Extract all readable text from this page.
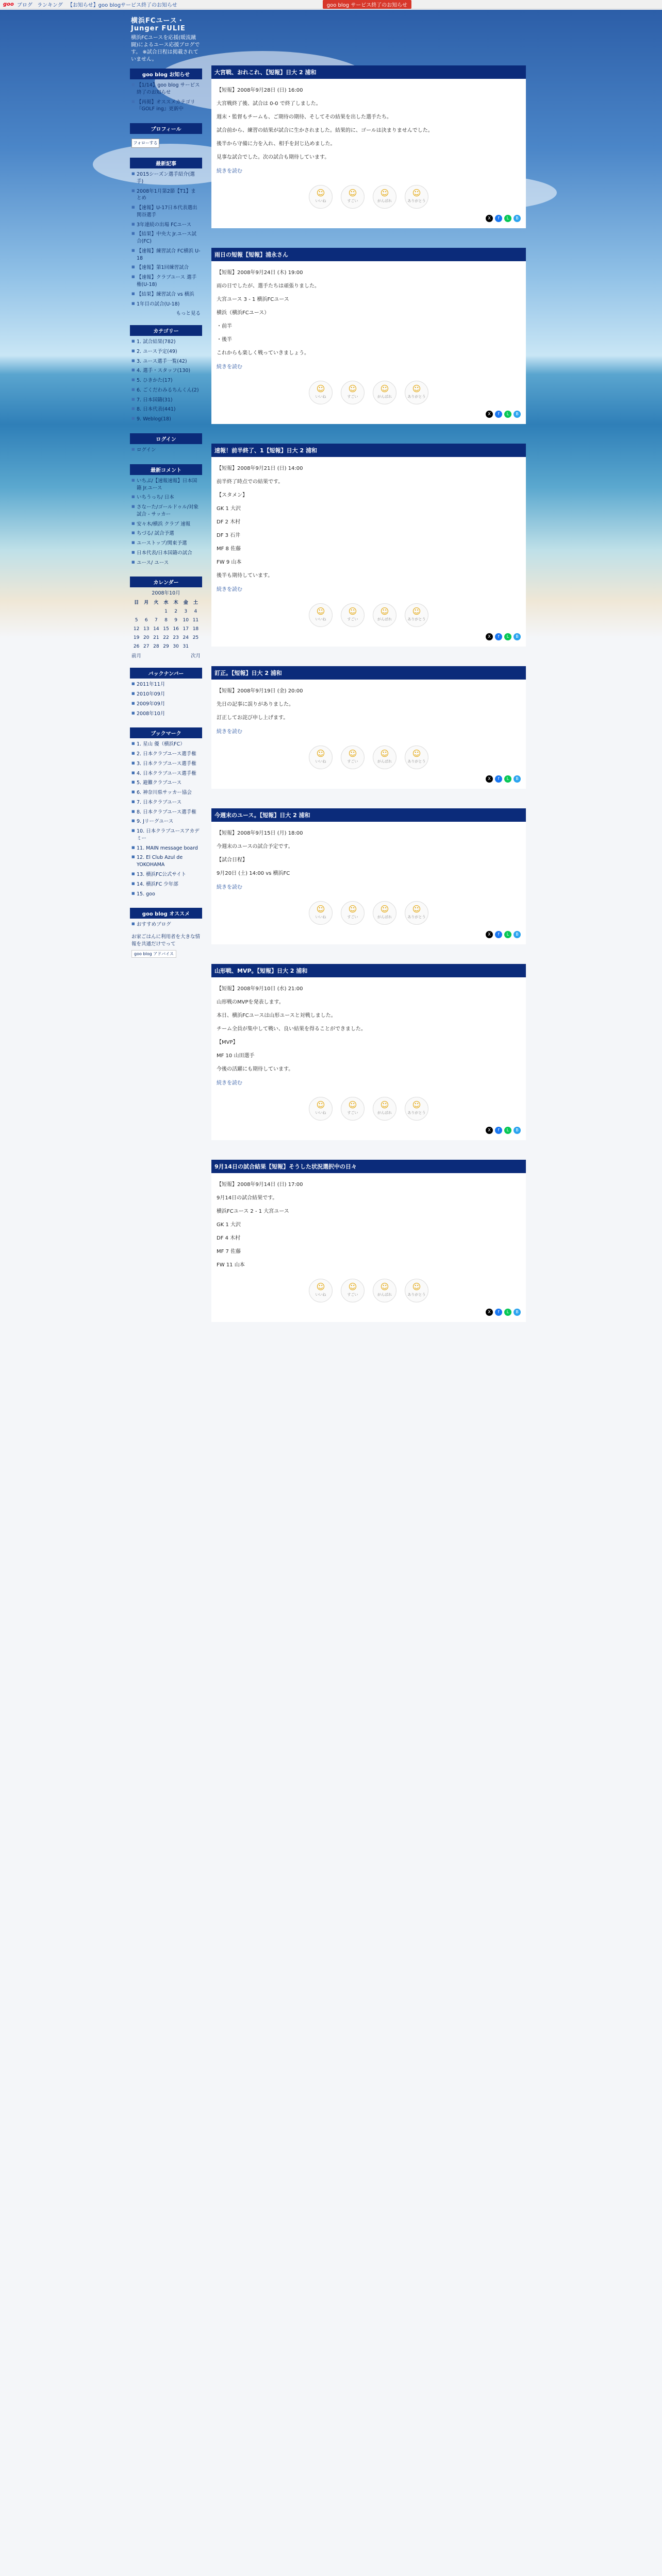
goo ブログ ランキング 【お知らせ】goo blogサービス終了のお知らせ	goo blog サービス終了のお知らせ
横浜FCユース・Junger FULIE
横浜FCユースを応援(暖流蹴闘)によるユース応援ブログです。 ※試合日程は掲載されていません。
goo blog お知らせ
■ 【1/14】goo blog サービス終了のお知らせ
■ 【再掲】オススメカテゴリ『GOLF ing』更新中
プロフィール
フォローする
最新記事
■ 2015シーズン選手紹介(選手)
■ 2008年1月第2節【T1】まとめ
■ 【速報】U-17日本代表選出 関谷選手
■ 3年連続の出場 FCユース
■ 【結果】中央大 Jr.ユース試合(FC)
■ 【速報】練習試合 FC横浜 U-18
■ 【速報】第1回練習試合
■ 【速報】クラブユース 選手権(U-18)
■ 【結果】練習試合 vs 横浜
■ 1年目の試合(U-18)
もっと見る
カテゴリー
■ 1. 試合結果(782)
■ 2. ユース予定(49)
■ 3. ユース選手一覧(42)
■ 4. 選手・スタッフ(130)
■ 5. ひきかた(17)
■ 6. ごくだわみるちんくん(2)
■ 7. 日本国籍(31)
■ 8. 日本代表(441)
■ 9. Weblog(18)
ログイン
■ ログイン
最新コメント
■ いちぶ/【速報速報】日本国籍 Jr.ユース
■ いちうっち/ 日本
■ さなーた/ゴールドゥル/対象試合 - サッカー
■ 安々木/横浜 クラブ 速報
■ ちづる/ 試合予選
■ ユーストップ/関東予選
■ 日本代表/日本国籍の試合
■ ユース/ ユース
カレンダー
2008年10月
日	月	火	水	木	金	土
			1	2	3	4
5	6	7	8	9	10	11
12	13	14	15	16	17	18
19	20	21	22	23	24	25
26	27	28	29	30	31	
前月	次月
バックナンバー
■ 2011年11月
■ 2010年09月
■ 2009年09月
■ 2008年10月
ブックマーク
■ 1. 星山 優（横浜FC）
■ 2. 日本クラブユース選手権
■ 3. 日本クラブユース選手権
■ 4. 日本クラブユース選手権
■ 5. 避難クラブユース
■ 6. 神奈川県サッカー協会
■ 7. 日本クラブユース
■ 8. 日本クラブユース選手権
■ 9. Jリーグユース
■ 10. 日本クラブユースアカデミー
■ 11. MAIN message board
■ 12. El Club Azul de YOKOHAMA
■ 13. 横浜FC公式サイト
■ 14. 横浜FC 少年部
■ 15. goo
goo blog オススメ
■ おすすめブログ
お家ごはんに利用者を大きな情報を共通だけでって
goo blog アドバイス
大宮戦、おれこれ、【短報】日大 2 浦和

【短報】2008年9月28日 (日) 16:00

大宮戦終了後、試合は 0-0 で終了しました。

週末・監督もチームも、ご期待の期待、そしてその結果を出した選手たち。

試合前から、練習の結果が試合に生かされました。結果的に、ゴールは決まりませんでした。

後半から守備に力を入れ、相手を封じ込めました。

見事な試合でした。次の試合も期待しています。

続きを読む
☺
いいね
☺
すごい
☺
がんばれ
☺
ありがとう
X	f	L	B
雨日の短報【短報】浦永さん

【短報】2008年9月24日 (木) 19:00

雨の日でしたが、選手たちは頑張りました。

大宮ユース 3 - 1 横浜FCユース

横浜（横浜FCユース）

・前半

・後半

これからも楽しく戦っていきましょう。

続きを読む
☺
いいね
☺
すごい
☺
がんばれ
☺
ありがとう
X	f	L	B
速報！前半終了、1【短報】日大 2 浦和

【短報】2008年9月21日 (日) 14:00

前半終了時点での結果です。

【スタメン】

GK 1 大沢

DF 2 木村

DF 3 石井

MF 8 佐藤

FW 9 山本

後半も期待しています。

続きを読む
☺
いいね
☺
すごい
☺
がんばれ
☺
ありがとう
X	f	L	B
訂正。【短報】日大 2 浦和

【短報】2008年9月19日 (金) 20:00

先日の記事に誤りがありました。

訂正してお詫び申し上げます。

続きを読む
☺
いいね
☺
すごい
☺
がんばれ
☺
ありがとう
X	f	L	B
今週末のユース。【短報】日大 2 浦和

【短報】2008年9月15日 (月) 18:00

今週末のユースの試合予定です。

【試合日程】

9月20日 (土) 14:00 vs 横浜FC

続きを読む
☺
いいね
☺
すごい
☺
がんばれ
☺
ありがとう
X	f	L	B
山形戦、MVP。【短報】日大 2 浦和

【短報】2008年9月10日 (水) 21:00

山形戦のMVPを発表します。

本日、横浜FCユースは山形ユースと対戦しました。

チーム全員が集中して戦い、良い結果を得ることができました。

【MVP】

MF 10 山田選手

今後の活躍にも期待しています。

続きを読む
☺
いいね
☺
すごい
☺
がんばれ
☺
ありがとう
X	f	L	B
9月14日の試合結果【短報】そうした状況選択中の日々

【短報】2008年9月14日 (日) 17:00

9月14日の試合結果です。

横浜FCユース 2 - 1 大宮ユース

GK 1 大沢

DF 4 木村

MF 7 佐藤

FW 11 山本

☺
いいね
☺
すごい
☺
がんばれ
☺
ありがとう
X	f	L	B
